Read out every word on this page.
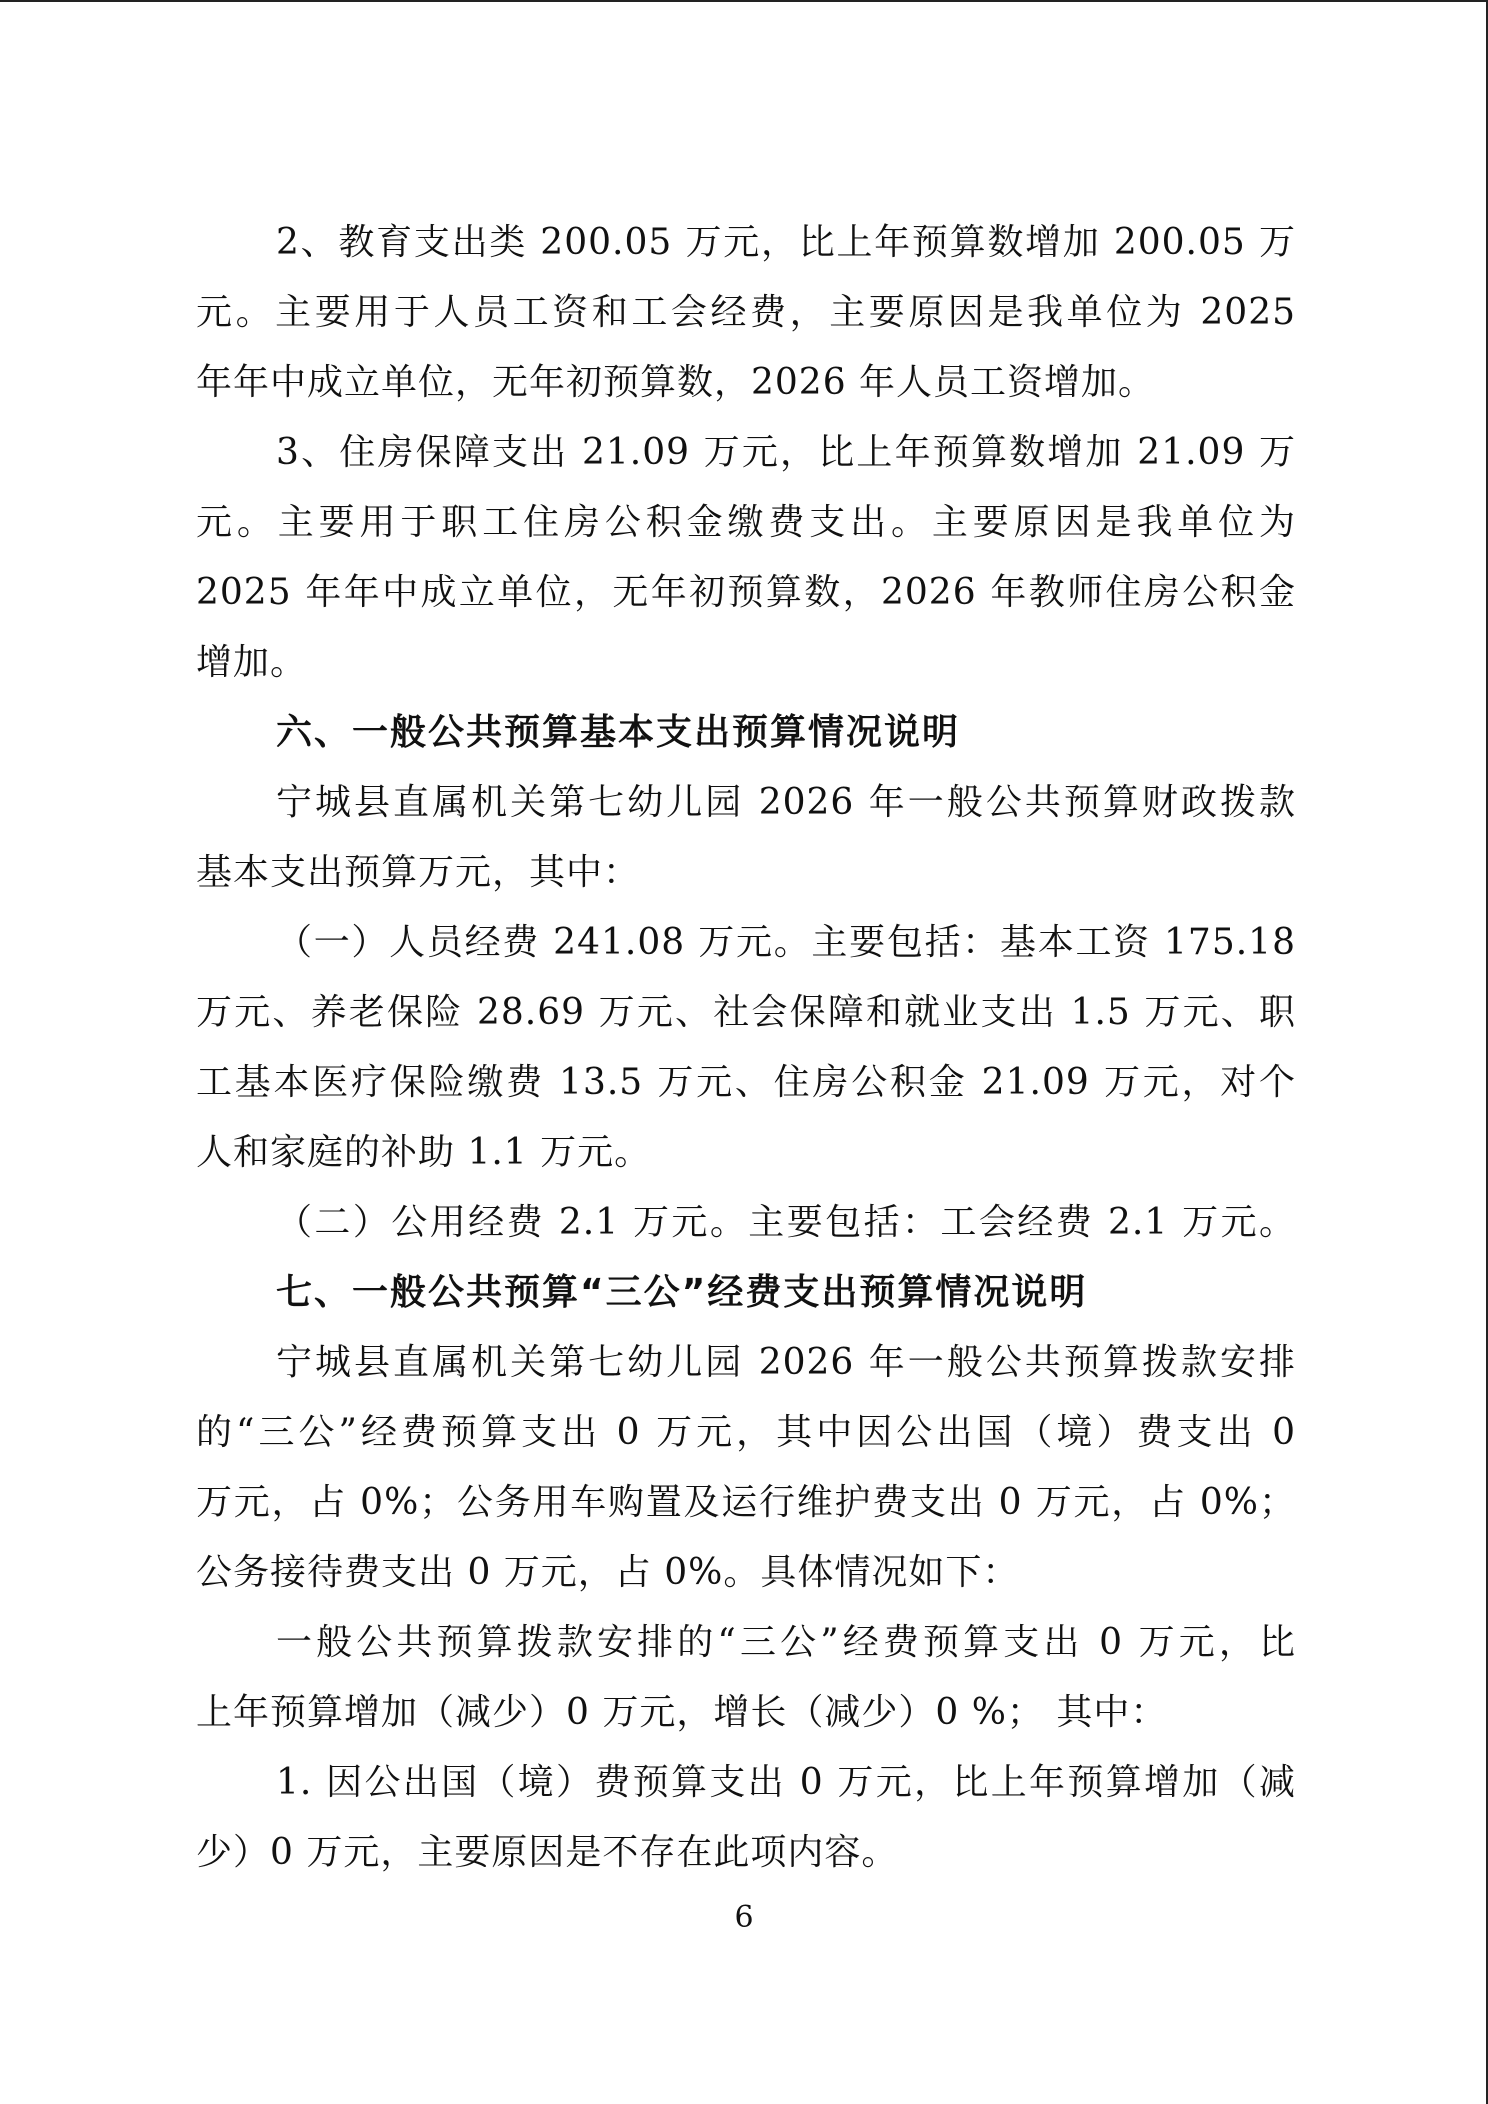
2、教育支出类 200.05 万元，比上年预算数增加 200.05 万
元。主要用于人员工资和工会经费，主要原因是我单位为 2025
年年中成立单位，无年初预算数，2026 年人员工资增加。
3、住房保障支出 21.09 万元，比上年预算数增加 21.09 万
元。主要用于职工住房公积金缴费支出。主要原因是我单位为
2025 年年中成立单位，无年初预算数，2026 年教师住房公积金
增加。
六、一般公共预算基本支出预算情况说明
宁城县直属机关第七幼儿园 2026 年一般公共预算财政拨款
基本支出预算万元，其中：
（一）人员经费 241.08 万元。主要包括：基本工资 175.18
万元、养老保险 28.69 万元、社会保障和就业支出 1.5 万元、职
工基本医疗保险缴费 13.5 万元、住房公积金 21.09 万元，对个
人和家庭的补助 1.1 万元。
（二）公用经费 2.1 万元。主要包括：工会经费 2.1 万元。
七、一般公共预算“三公”经费支出预算情况说明
宁城县直属机关第七幼儿园 2026 年一般公共预算拨款安排
的“三公”经费预算支出 0 万元，其中因公出国（境）费支出 0
万元，占 0%；公务用车购置及运行维护费支出 0 万元，占 0%；
公务接待费支出 0 万元，占 0%。具体情况如下：
一般公共预算拨款安排的“三公”经费预算支出 0 万元，比
上年预算增加（减少）0 万元，增长（减少）0 %； 其中：
1. 因公出国（境）费预算支出 0 万元，比上年预算增加（减
少）0 万元，主要原因是不存在此项内容。
6
